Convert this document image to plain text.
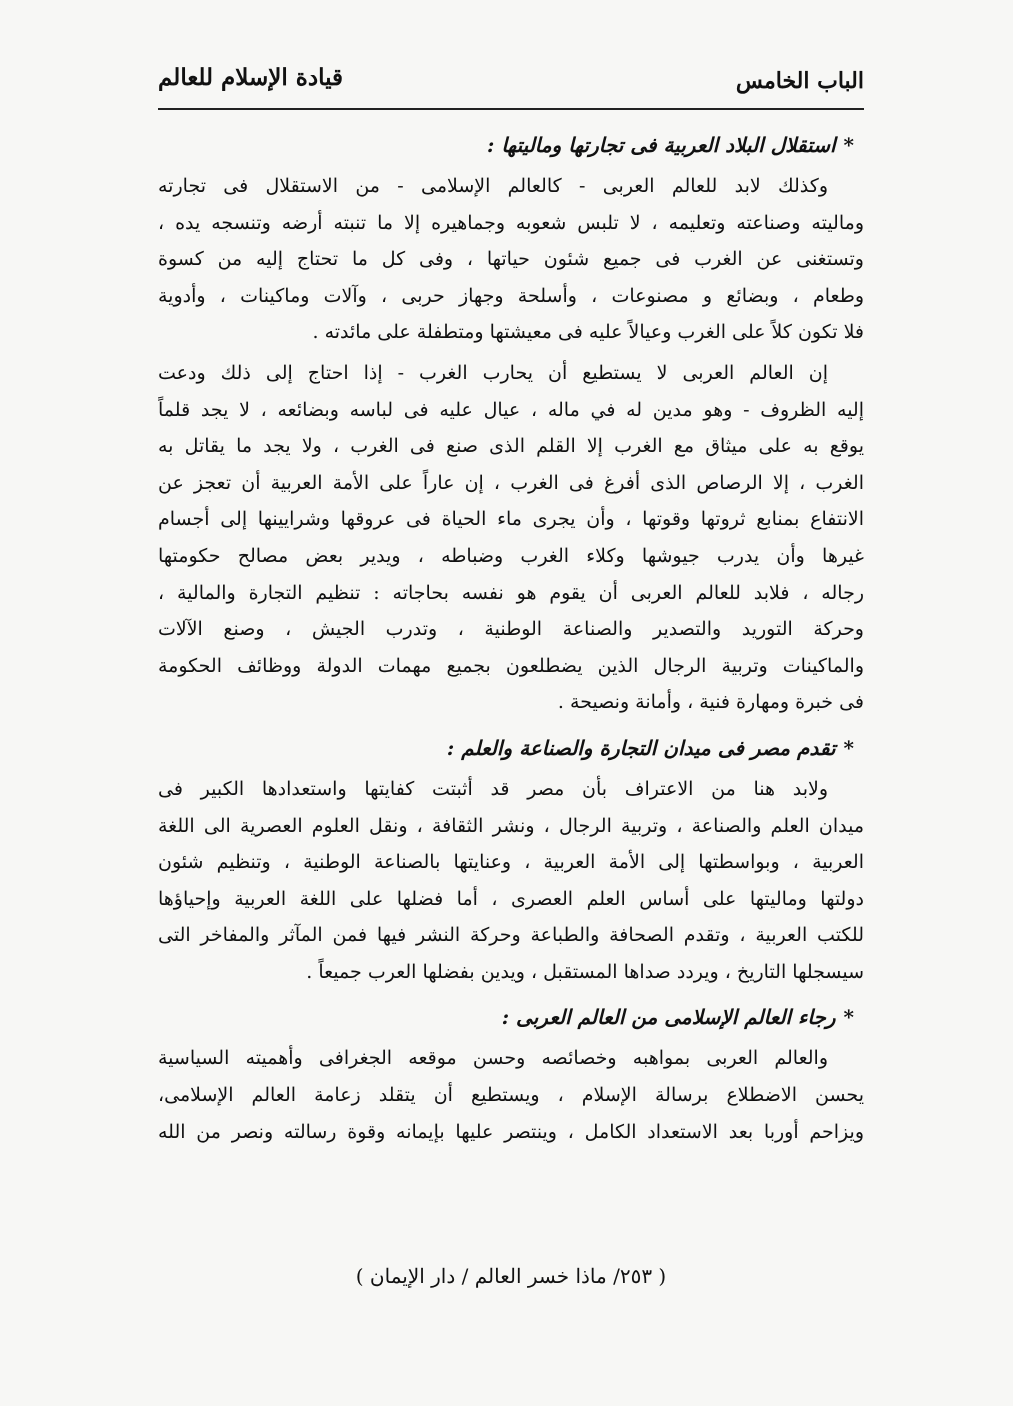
الباب الخامس
قيادة الإسلام للعالم
*استقلال البلاد العربية فى تجارتها وماليتها :
وكذلك لابد للعالم العربى - كالعالم الإسلامى - من الاستقلال فى تجارته
وماليته وصناعته وتعليمه ، لا تلبس شعوبه وجماهيره إلا ما تنبته أرضه وتنسجه يده ،
وتستغنى عن الغرب فى جميع شئون حياتها ، وفى كل ما تحتاج إليه من كسوة
وطعام ، وبضائع و مصنوعات ، وأسلحة وجهاز حربى ، وآلات وماكينات ، وأدوية
فلا تكون كلاً على الغرب وعيالاً عليه فى معيشتها ومتطفلة على مائدته .
إن العالم العربى لا يستطيع أن يحارب الغرب - إذا احتاج إلى ذلك ودعت
إليه الظروف - وهو مدين له في ماله ، عيال عليه فى لباسه وبضائعه ، لا يجد قلماً
يوقع به على ميثاق مع الغرب إلا القلم الذى صنع فى الغرب ، ولا يجد ما يقاتل به
الغرب ، إلا الرصاص الذى أفرغ فى الغرب ، إن عاراً على الأمة العربية أن تعجز عن
الانتفاع بمنابع ثروتها وقوتها ، وأن يجرى ماء الحياة فى عروقها وشرايينها إلى أجسام
غيرها وأن يدرب جيوشها وكلاء الغرب وضباطه ، ويدير بعض مصالح حكومتها
رجاله ، فلابد للعالم العربى أن يقوم هو نفسه بحاجاته : تنظيم التجارة والمالية ،
وحركة التوريد والتصدير والصناعة الوطنية ، وتدرب الجيش ، وصنع الآلات
والماكينات وتربية الرجال الذين يضطلعون بجميع مهمات الدولة ووظائف الحكومة
فى خبرة ومهارة فنية ، وأمانة ونصيحة .
*تقدم مصر فى ميدان التجارة والصناعة والعلم :
ولابد هنا من الاعتراف بأن مصر قد أثبتت كفايتها واستعدادها الكبير فى
ميدان العلم والصناعة ، وتربية الرجال ، ونشر الثقافة ، ونقل العلوم العصرية الى اللغة
العربية ، وبواسطتها إلى الأمة العربية ، وعنايتها بالصناعة الوطنية ، وتنظيم شئون
دولتها وماليتها على أساس العلم العصرى ، أما فضلها على اللغة العربية وإحياؤها
للكتب العربية ، وتقدم الصحافة والطباعة وحركة النشر فيها فمن المآثر والمفاخر التى
سيسجلها التاريخ ، ويردد صداها المستقبل ، ويدين بفضلها العرب جميعاً .
*رجاء العالم الإسلامى من العالم العربى :
والعالم العربى بمواهبه وخصائصه وحسن موقعه الجغرافى وأهميته السياسية
يحسن الاضطلاع برسالة الإسلام ، ويستطيع أن يتقلد زعامة العالم الإسلامى،
ويزاحم أوربا بعد الاستعداد الكامل ، وينتصر عليها بإيمانه وقوة رسالته ونصر من الله
( ٢٥٣/ ماذا خسر العالم / دار الإيمان )
